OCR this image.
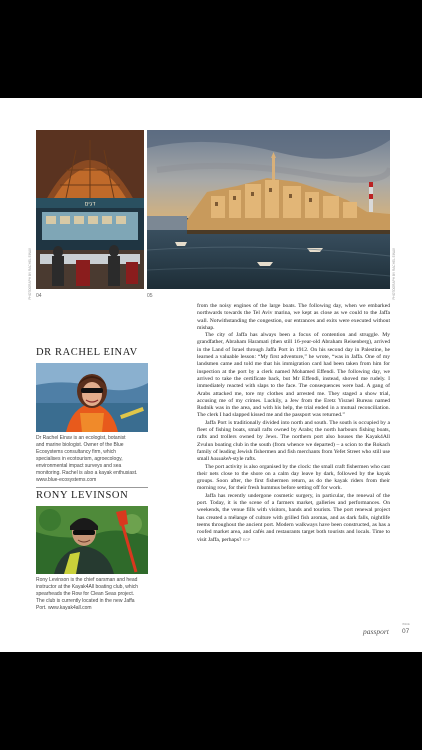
דגים
PHOTOGRAPH BY RACHEL EINAV	PHOTOGRAPH BY RACHEL EINAV
04	05
DR RACHEL EINAV
Dr Rachel Einav is an ecologist, botanist
and marine biologist. Owner of the Blue
Ecosystems consultancy firm, which
specialises in ecotourism, agroecology,
environmental impact surveys and sea
monitoring. Rachel is also a kayak enthusiast.
www.blue-ecosystems.com
RONY LEVINSON
Rony Levinson is the chief oarsman and head
instructor at the Kayak4All boating club, which
spearheads the Row for Clean Seas project.
The club is currently located in the new Jaffa
Port. www.kayak4all.com

from the noisy engines of the large boats. The following day, when we embarked northwards towards the Tel Aviv marina, we kept as close as we could to the Jaffa wall. Notwithstanding the congestion, our entrances and exits were executed without mishap.

The city of Jaffa has always been a focus of contention and struggle. My grandfather, Abraham Haramati (then still 16-year-old Abraham Reisenberg), arrived in the Land of Israel through Jaffa Port in 1912. On his second day in Palestine, he learned a valuable lesson: “My first adventure,” he wrote, “was in Jaffa. One of my landsmen came and told me that his immigration card had been taken from him for inspection at the port by a clerk named Mohamed Effendi. The following day, we arrived to take the certificate back, but Mr Effendi, instead, shoved me rudely. I immediately reacted with slaps to the face. The consequences were bad. A gang of Arabs attacked me, tore my clothes and arrested me. They staged a show trial, accusing me of my crimes. Luckily, a Jew from the Eretz Yisrael Bureau named Rudnik was in the area, and with his help, the trial ended in a mutual reconciliation. The clerk I had slapped kissed me and the passport was returned.”

Jaffa Port is traditionally divided into north and south. The south is occupied by a fleet of fishing boats, small rafts owned by Arabs; the north harbours fishing boats, rafts and trollers owned by Jews. The northern port also houses the Kayak4All Zvulun boating club in the south (from whence we departed) – a scion to the Rokach family of leading Jewish fishermen and fish merchants from Yefet Street who still use small hassakeh-style rafts.

The port activity is also organised by the clock: the small craft fishermen who cast their nets close to the shore on a calm day leave by dark, followed by the kayak groups. Soon after, the first fishermen return, as do the kayak riders from their morning row, for their fresh hummus before setting off for work.

Jaffa has recently undergone cosmetic surgery, in particular, the renewal of the port. Today, it is the scene of a farmers market, galleries and performances. On weekends, the venue fills with visitors, bands and tourists. The port renewal project has created a mélange of culture with grilled fish aromas, and as dark falls, nightlife teems throughout the ancient port. Modern walkways have been constructed, as has a roofed market area, and cafés and restaurants target both tourists and locals. Time to visit Jaffa, perhaps? ECP

passport
ISSUE
07
